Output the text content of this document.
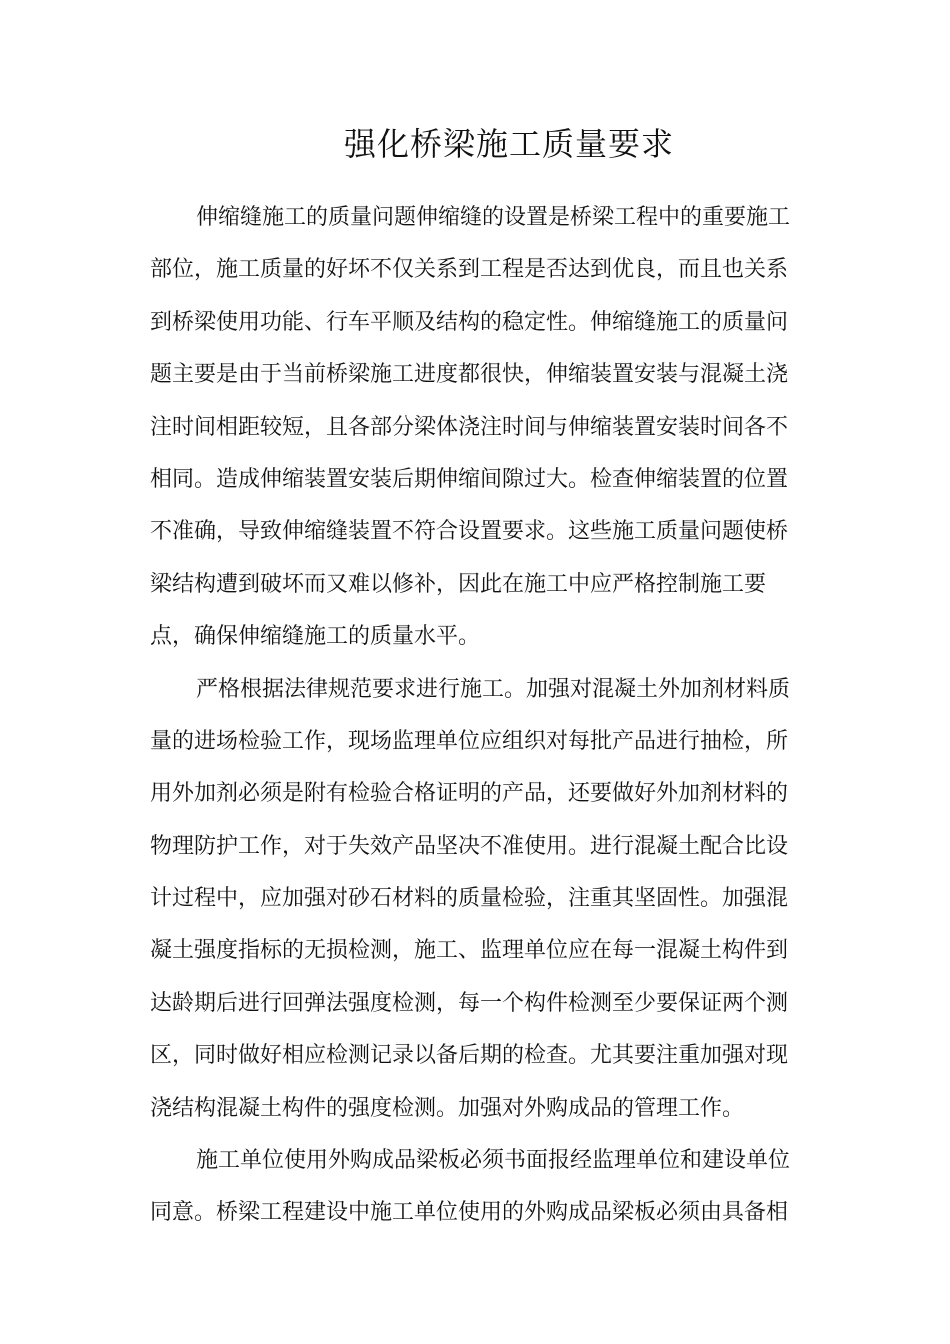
强化桥梁施工质量要求
伸缩缝施工的质量问题伸缩缝的设置是桥梁工程中的重要施工
部位，施工质量的好坏不仅关系到工程是否达到优良，而且也关系
到桥梁使用功能、行车平顺及结构的稳定性。伸缩缝施工的质量问
题主要是由于当前桥梁施工进度都很快，伸缩装置安装与混凝土浇
注时间相距较短，且各部分梁体浇注时间与伸缩装置安装时间各不
相同。造成伸缩装置安装后期伸缩间隙过大。检查伸缩装置的位置
不准确，导致伸缩缝装置不符合设置要求。这些施工质量问题使桥
梁结构遭到破坏而又难以修补，因此在施工中应严格控制施工要
点，确保伸缩缝施工的质量水平。
严格根据法律规范要求进行施工。加强对混凝土外加剂材料质
量的进场检验工作，现场监理单位应组织对每批产品进行抽检，所
用外加剂必须是附有检验合格证明的产品，还要做好外加剂材料的
物理防护工作，对于失效产品坚决不准使用。进行混凝土配合比设
计过程中，应加强对砂石材料的质量检验，注重其坚固性。加强混
凝土强度指标的无损检测，施工、监理单位应在每一混凝土构件到
达龄期后进行回弹法强度检测，每一个构件检测至少要保证两个测
区，同时做好相应检测记录以备后期的检查。尤其要注重加强对现
浇结构混凝土构件的强度检测。加强对外购成品的管理工作。
施工单位使用外购成品梁板必须书面报经监理单位和建设单位
同意。桥梁工程建设中施工单位使用的外购成品梁板必须由具备相
